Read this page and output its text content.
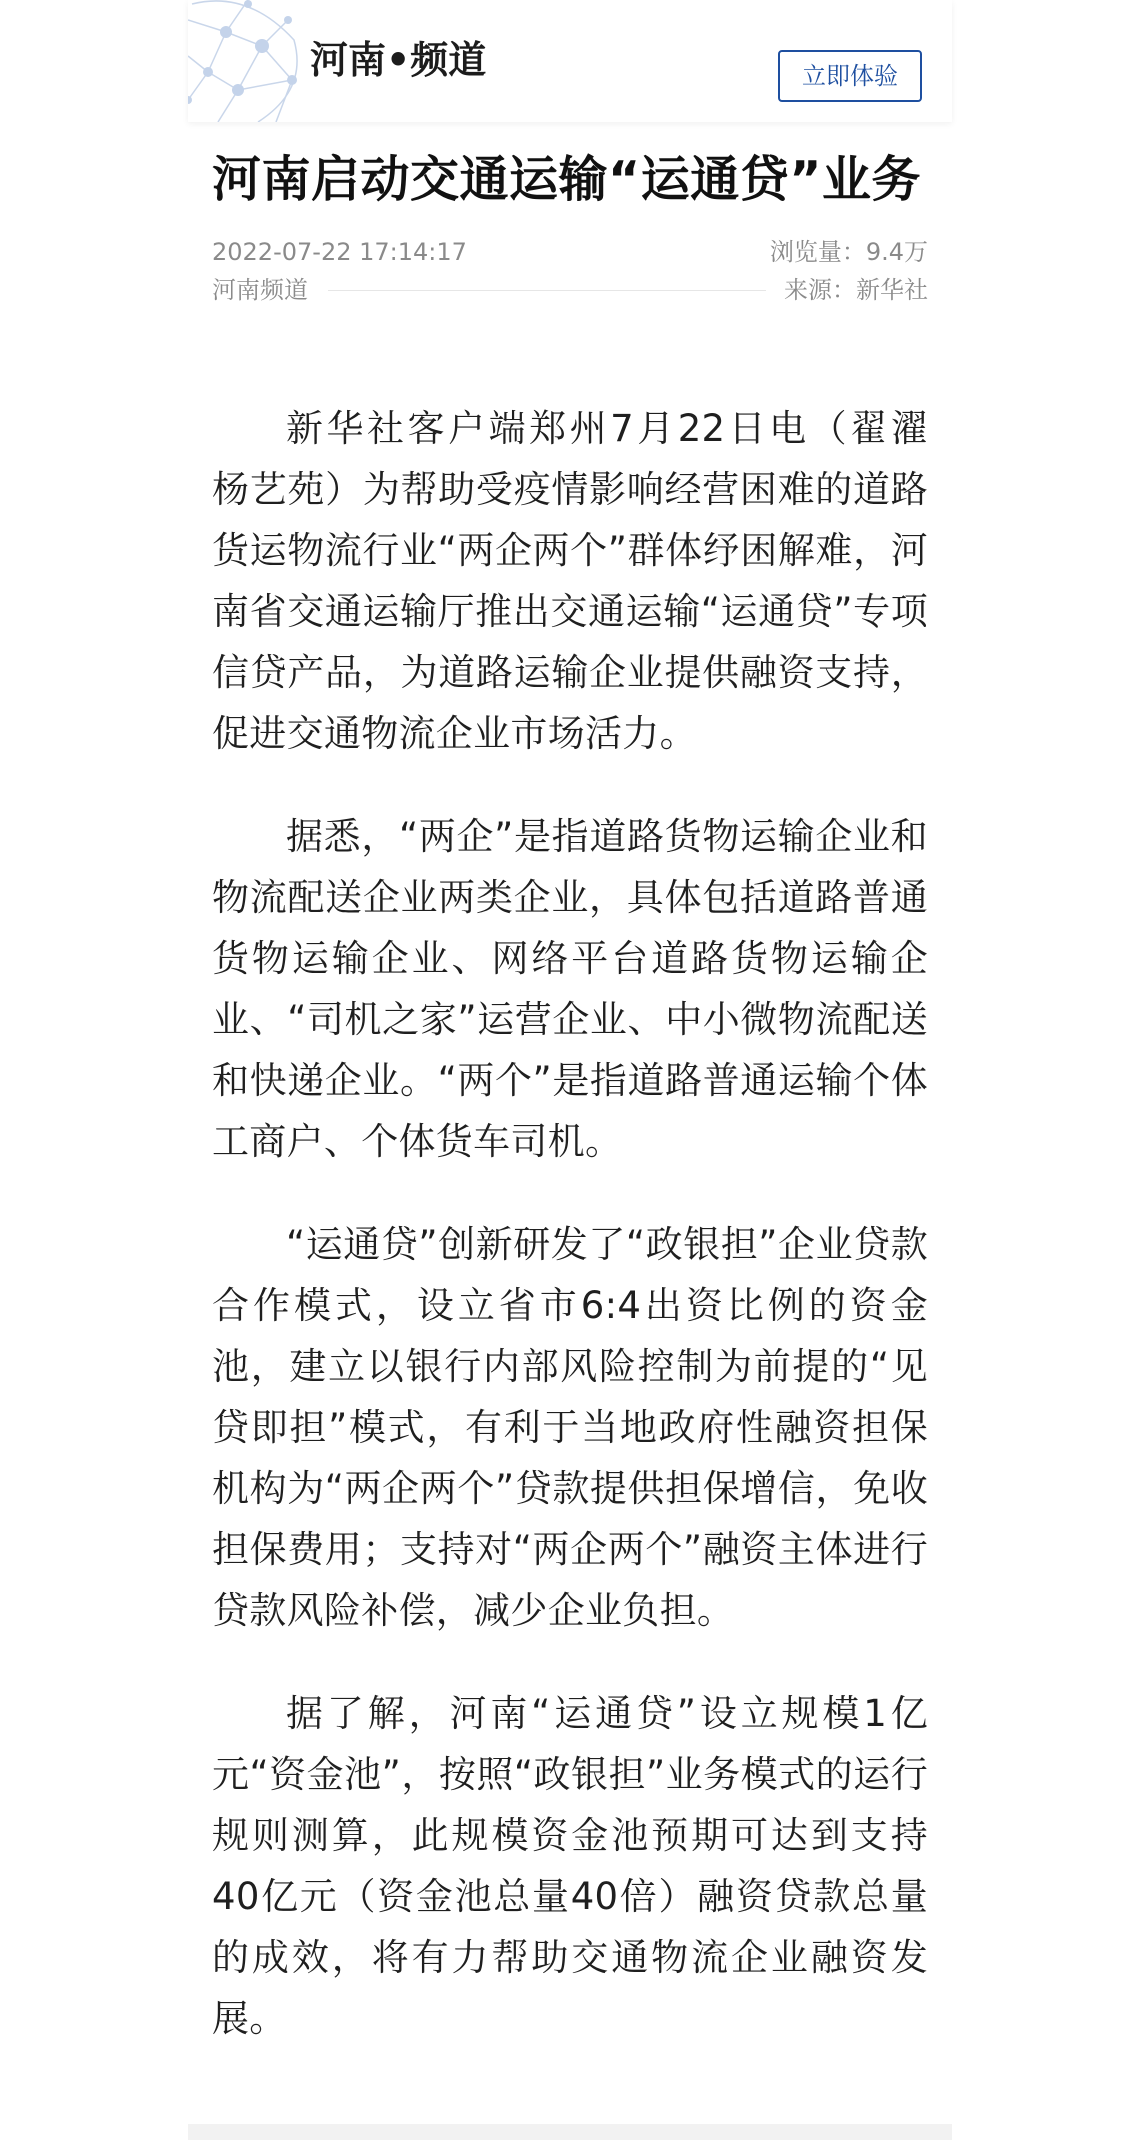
河南•频道	立即体验
河南启动交通运输“运通贷”业务
2022-07-22 17:14:17	浏览量：9.4万
河南频道	来源：新华社

新华社客户端郑州7月22日电（翟濯 杨艺苑）为帮助受疫情影响经营困难的道路货运物流行业“两企两个”群体纾困解难，河南省交通运输厅推出交通运输“运通贷”专项信贷产品，为道路运输企业提供融资支持，促进交通物流企业市场活力。

据悉，“两企”是指道路货物运输企业和物流配送企业两类企业，具体包括道路普通货物运输企业、网络平台道路货物运输企业、“司机之家”运营企业、中小微物流配送和快递企业。“两个”是指道路普通运输个体工商户、个体货车司机。

“运通贷”创新研发了“政银担”企业贷款合作模式，设立省市6:4出资比例的资金池，建立以银行内部风险控制为前提的“见贷即担”模式，有利于当地政府性融资担保机构为“两企两个”贷款提供担保增信，免收担保费用；支持对“两企两个”融资主体进行贷款风险补偿，减少企业负担。

据了解，河南“运通贷”设立规模1亿元“资金池”，按照“政银担”业务模式的运行规则测算，此规模资金池预期可达到支持40亿元（资金池总量40倍）融资贷款总量的成效，将有力帮助交通物流企业融资发展。
